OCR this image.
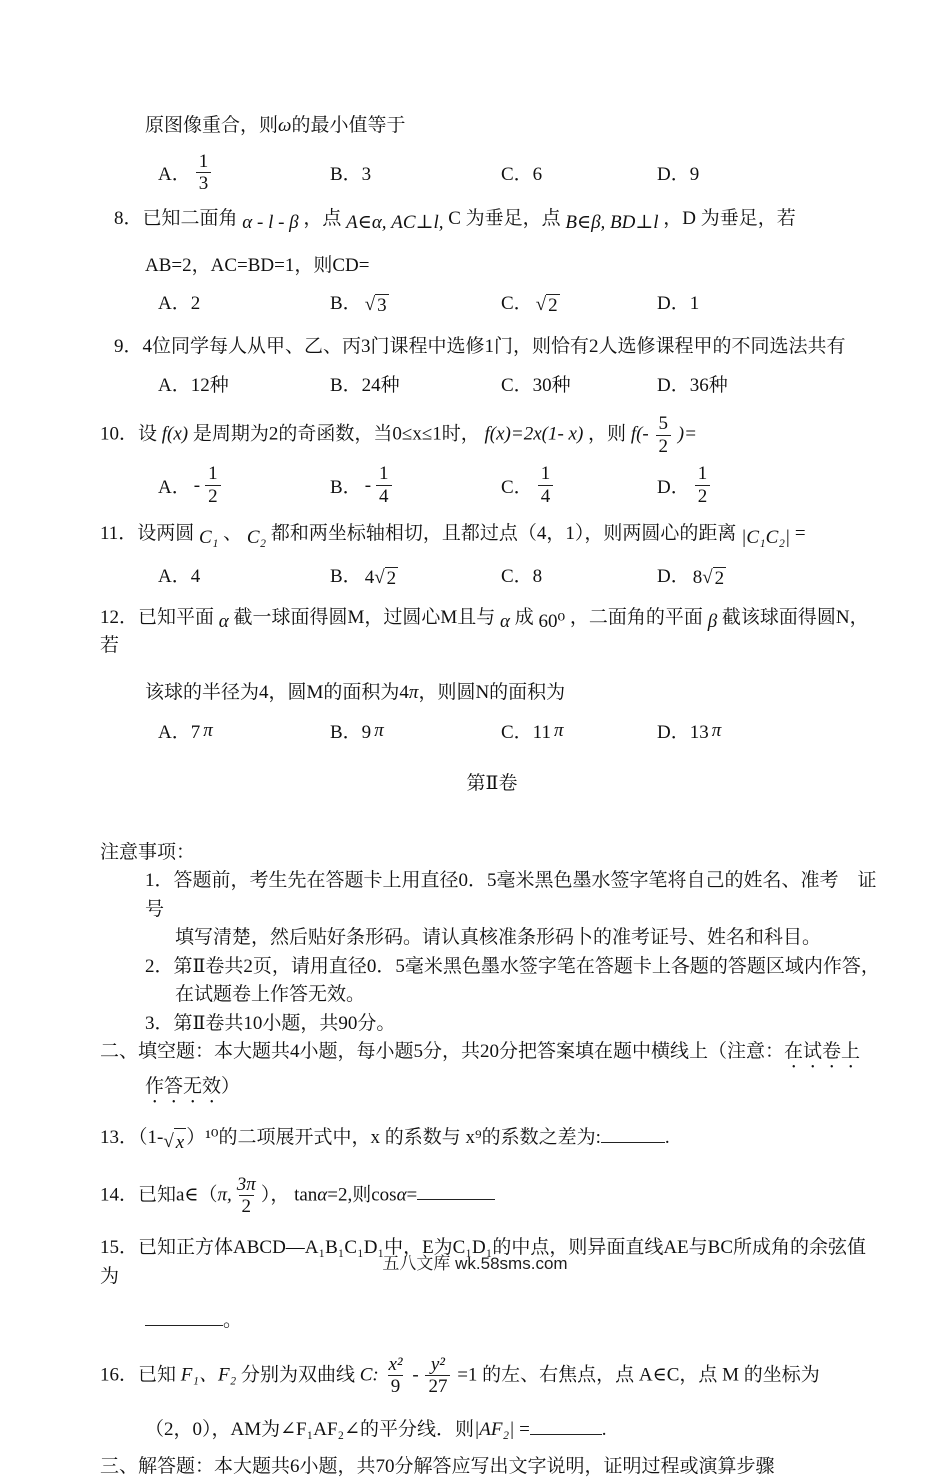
原图像重合，则ω的最小值等于
A． $\frac{1}{3}$	B．3	C．6	D．9
8．已知二面角 α - l - β ，点 A∈α, AC⊥l, C 为垂足，点 B∈β, BD⊥l ，D 为垂足，若
AB=2，AC=BD=1，则CD=
A．2	B． √ 3	C． √ 2	D．1
9．4位同学每人从甲、乙、丙3门课程中选修1门，则恰有2人选修课程甲的不同选法共有
A．12种	B．24种	C．30种	D．36种
10．设 f(x) 是周期为2的奇函数，当0≤x≤1时， f(x)=2x(1- x) ，则 $f(- \frac{5}{2}$ )=
A． - $\frac{1}{2}$	B． - $\frac{1}{4}$	C． $\frac{1}{4}$	D． $\frac{1}{2}$
11．设两圆 C₁ 、 C₂ 都和两坐标轴相切，且都过点（4，1），则两圆心的距离 |C₁C₂| =
A．4	B． 4 √ 2	C．8	D． 8 √ 2
12．已知平面 α 截一球面得圆M，过圆心M且与 α 成 60⁰ ，二面角的平面 β 截该球面得圆N，若
该球的半径为4，圆M的面积为4π，则圆N的面积为
A．7 π	B．9 π	C．11 π	D．13 π
第Ⅱ卷
注意事项：
1．答题前，考生先在答题卡上用直径0．5毫米黑色墨水签字笔将自己的姓名、准考　证号
填写清楚，然后贴好条形码。请认真核准条形码卜的准考证号、姓名和科目。
2．第Ⅱ卷共2页，请用直径0．5毫米黑色墨水签字笔在答题卡上各题的答题区域内作答，
在试题卷上作答无效。
3．第Ⅱ卷共10小题，共90分。
二、填空题：本大题共4小题，每小题5分，共20分把答案填在题中横线上（注意：在试卷上
作答无效）
13．（1- √ x ）¹⁰的二项展开式中，x 的系数与 x⁹的系数之差为:	.
14．已知a∈（π, $\frac{3\pi}{2}$ ）， tanα=2,则cosα=
15．已知正方体ABCD—A₁B₁C₁D₁中，E为C₁D₁的中点，则异面直线AE与BC所成角的余弦值为
。
16．已知 F₁、F₂ 分别为双曲线 C: $\frac{\text{x²}}{9} - \frac{\text{y²}}{27} =1$ 的左、右焦点，点 A∈C，点 M 的坐标为
（2，0），AM为∠F₁AF₂∠的平分线．则|AF₂| =	.
三、解答题：本大题共6小题，共70分解答应写出文字说明，证明过程或演算步骤
五八文库 wk.58sms.com
